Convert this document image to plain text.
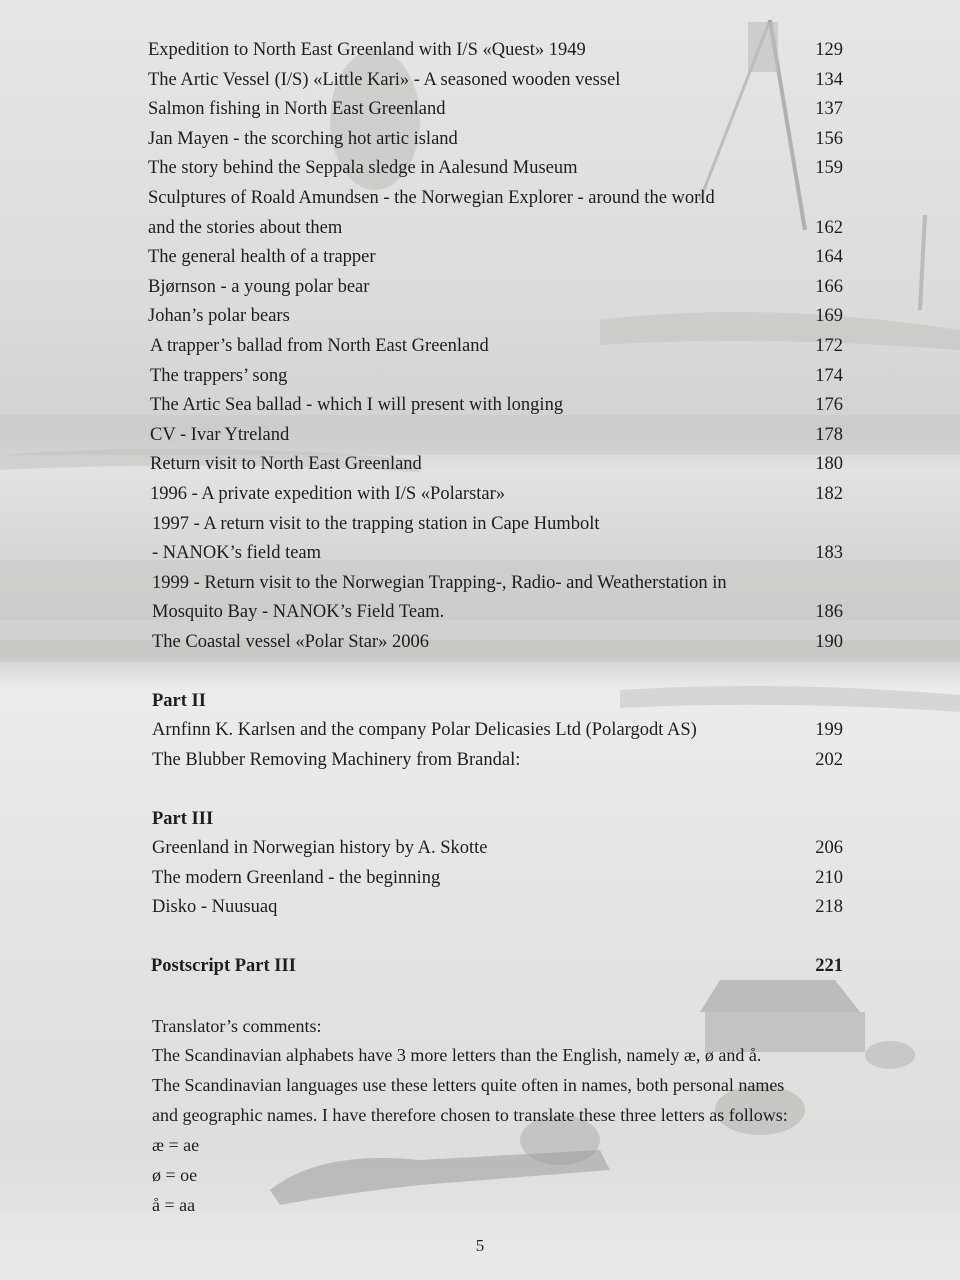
Expedition to North East Greenland with I/S «Quest» 1949	129
The Artic Vessel (I/S) «Little Kari» - A seasoned wooden vessel	134
Salmon fishing in North East Greenland	137
Jan Mayen - the scorching hot artic island	156
The story behind the Seppala sledge in Aalesund Museum	159
Sculptures of Roald Amundsen - the Norwegian Explorer - around the world
and the stories about them	162
The general health of a trapper	164
Bjørnson - a young polar bear	166
Johan’s polar bears	169
A trapper’s ballad from North East Greenland	172
The trappers’ song	174
The Artic Sea ballad - which I will present with longing	176
CV - Ivar Ytreland	178
Return visit to North East Greenland	180
1996 - A private expedition with I/S «Polarstar»	182
1997 - A return visit to the trapping station in Cape Humbolt
- NANOK’s field team	183
1999 - Return visit to the Norwegian Trapping-, Radio- and Weatherstation in
Mosquito Bay - NANOK’s Field Team.	186
The Coastal vessel «Polar Star» 2006	190
Part II
Arnfinn K. Karlsen and the company Polar Delicasies Ltd (Polargodt AS)	199
The Blubber Removing Machinery from Brandal:	202
Part III
Greenland in Norwegian history by A. Skotte	206
The modern Greenland - the beginning	210
Disko - Nuusuaq	218
Postscript Part III	221
Translator’s comments:
The Scandinavian alphabets have 3 more letters than the English, namely æ, ø and å.
The Scandinavian languages use these letters quite often in names, both personal names
and geographic names. I have therefore chosen to translate these three letters as follows:
æ = ae
ø = oe
å = aa
5
